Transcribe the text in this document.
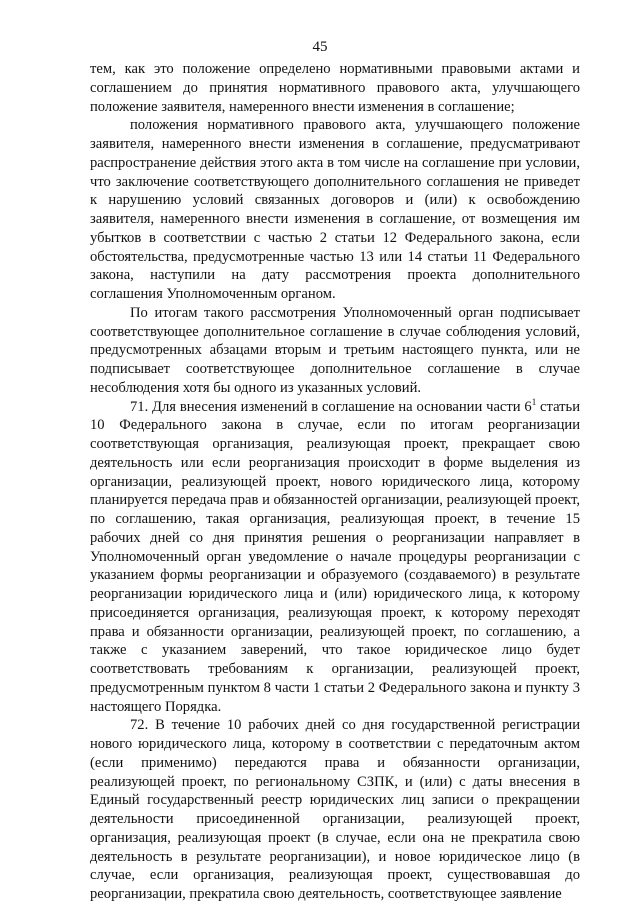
45

тем, как это положение определено нормативными правовыми актами и соглашением до принятия нормативного правового акта, улучшающего положение заявителя, намеренного внести изменения в соглашение;

положения нормативного правового акта, улучшающего положение заявителя, намеренного внести изменения в соглашение, предусматривают распространение действия этого акта в том числе на соглашение при условии, что заключение соответствующего дополнительного соглашения не приведет к нарушению условий связанных договоров и (или) к освобождению заявителя, намеренного внести изменения в соглашение, от возмещения им убытков в соответствии с частью 2 статьи 12 Федерального закона, если обстоятельства, предусмотренные частью 13 или 14 статьи 11 Федерального закона, наступили на дату рассмотрения проекта дополнительного соглашения Уполномоченным органом.

По итогам такого рассмотрения Уполномоченный орган подписывает соответствующее дополнительное соглашение в случае соблюдения условий, предусмотренных абзацами вторым и третьим настоящего пункта, или не подписывает соответствующее дополнительное соглашение в случае несоблюдения хотя бы одного из указанных условий.

71. Для внесения изменений в соглашение на основании части $6^1$ статьи 10 Федерального закона в случае, если по итогам реорганизации соответствующая организация, реализующая проект, прекращает свою деятельность или если реорганизация происходит в форме выделения из организации, реализующей проект, нового юридического лица, которому планируется передача прав и обязанностей организации, реализующей проект, по соглашению, такая организация, реализующая проект, в течение 15 рабочих дней со дня принятия решения о реорганизации направляет в Уполномоченный орган уведомление о начале процедуры реорганизации с указанием формы реорганизации и образуемого (создаваемого) в результате реорганизации юридического лица и (или) юридического лица, к которому присоединяется организация, реализующая проект, к которому переходят права и обязанности организации, реализующей проект, по соглашению, а также с указанием заверений, что такое юридическое лицо будет соответствовать требованиям к организации, реализующей проект, предусмотренным пунктом 8 части 1 статьи 2 Федерального закона и пункту 3 настоящего Порядка.

72. В течение 10 рабочих дней со дня государственной регистрации нового юридического лица, которому в соответствии с передаточным актом (если применимо) передаются права и обязанности организации, реализующей проект, по региональному СЗПК, и (или) с даты внесения в Единый государственный реестр юридических лиц записи о прекращении деятельности присоединенной организации, реализующей проект, организация, реализующая проект (в случае, если она не прекратила свою деятельность в результате реорганизации), и новое юридическое лицо (в случае, если организация, реализующая проект, существовавшая до реорганизации, прекратила свою деятельность, соответствующее заявление
